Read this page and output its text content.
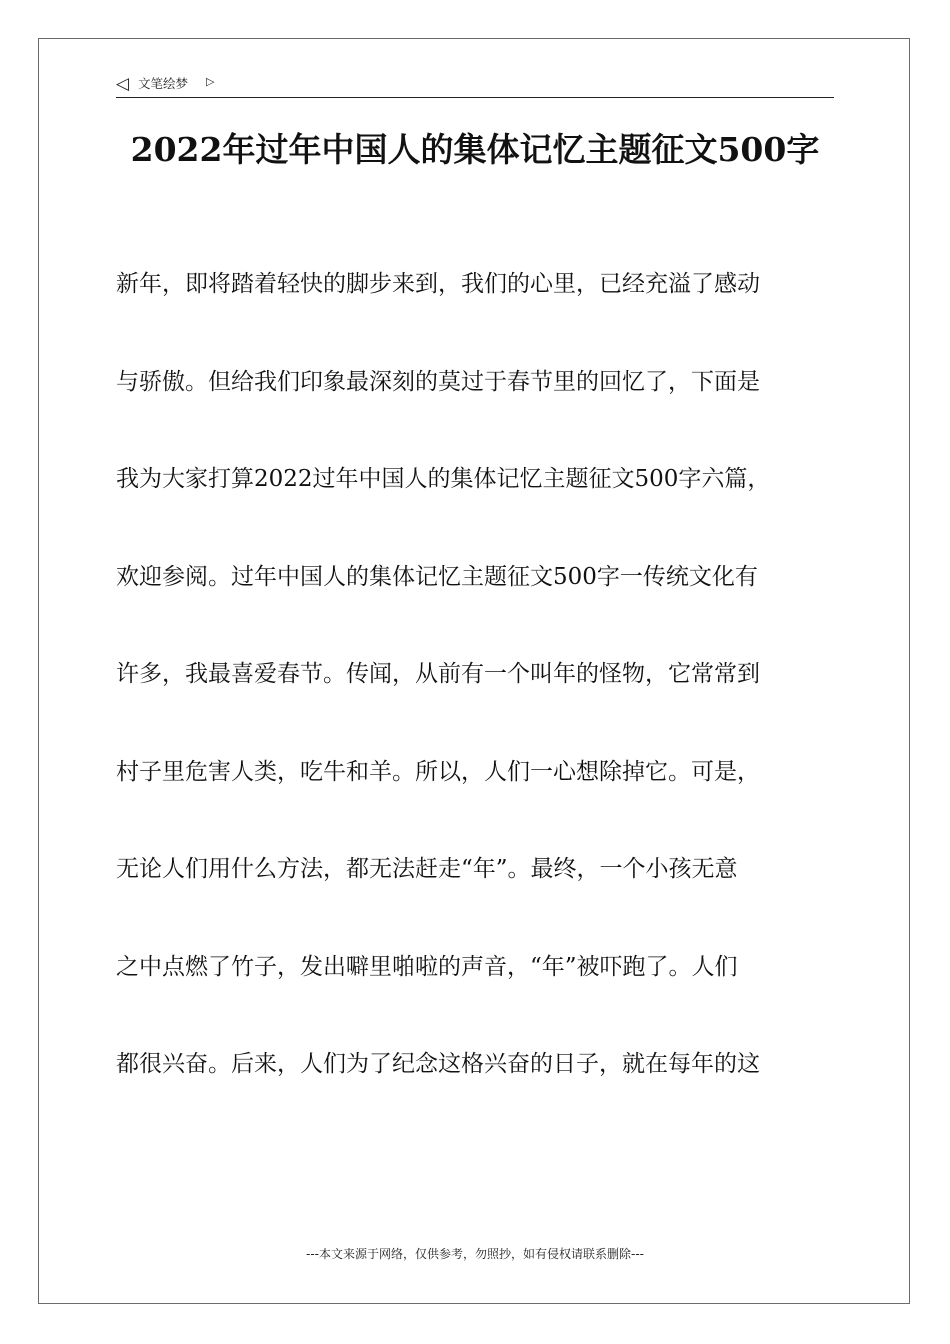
◁ 文笔绘梦 ▷
2022年过年中国人的集体记忆主题征文500字
新年，即将踏着轻快的脚步来到，我们的心里，已经充溢了感动
与骄傲。但给我们印象最深刻的莫过于春节里的回忆了，下面是
我为大家打算2022过年中国人的集体记忆主题征文500字六篇，
欢迎参阅。过年中国人的集体记忆主题征文500字一传统文化有
许多，我最喜爱春节。传闻，从前有一个叫年的怪物，它常常到
村子里危害人类，吃牛和羊。所以，人们一心想除掉它。可是，
无论人们用什么方法，都无法赶走“年”。最终，一个小孩无意
之中点燃了竹子，发出噼里啪啦的声音，“年”被吓跑了。人们
都很兴奋。后来，人们为了纪念这格兴奋的日子，就在每年的这
---本文来源于网络，仅供参考，勿照抄，如有侵权请联系删除---
